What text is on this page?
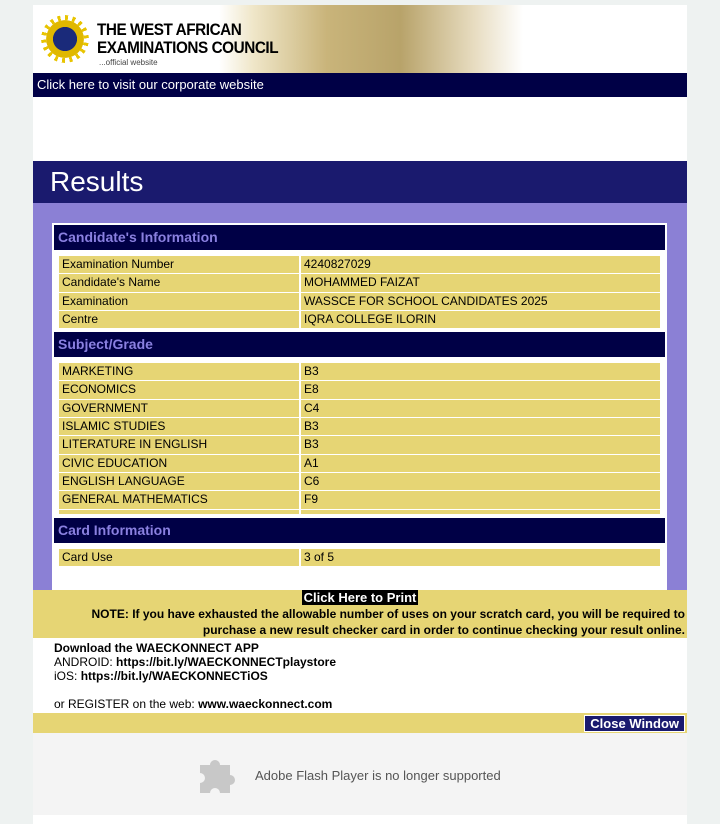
THE WEST AFRICAN
EXAMINATIONS COUNCIL
...official website
Click here to visit our corporate website
Results
Candidate's Information
Examination Number	4240827029
Candidate's Name	MOHAMMED FAIZAT
Examination	WASSCE FOR SCHOOL CANDIDATES 2025
Centre	IQRA COLLEGE ILORIN
Subject/Grade
MARKETING	B3
ECONOMICS	E8
GOVERNMENT	C4
ISLAMIC STUDIES	B3
LITERATURE IN ENGLISH	B3
CIVIC EDUCATION	A1
ENGLISH LANGUAGE	C6
GENERAL MATHEMATICS	F9
Card Information
Card Use	3 of 5
Click Here to Print
NOTE: If you have exhausted the allowable number of uses on your scratch card, you will be required to
purchase a new result checker card in order to continue checking your result online.
Download the WAECKONNECT APP
ANDROID: https://bit.ly/WAECKONNECTplaystore
iOS: https://bit.ly/WAECKONNECTiOS
or REGISTER on the web: www.waeckonnect.com
Close Window
Adobe Flash Player is no longer supported
